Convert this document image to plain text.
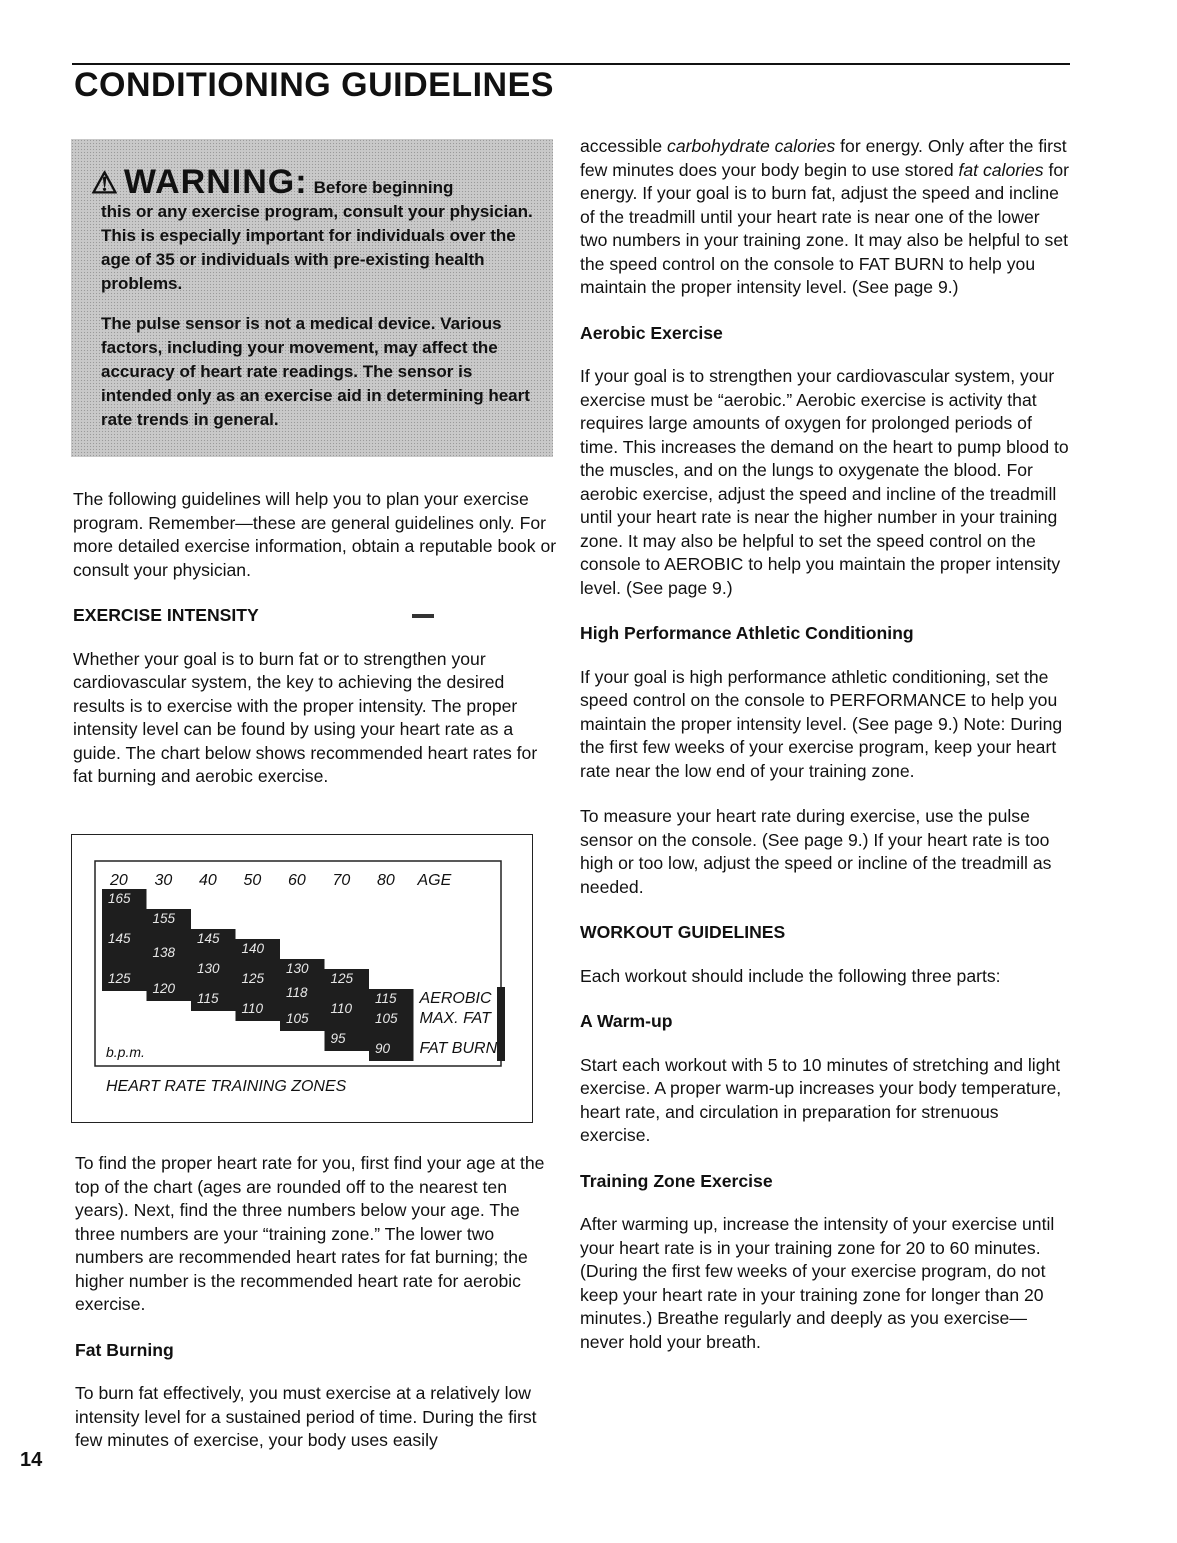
CONDITIONING GUIDELINES
⚠ WARNING: Before beginning

this or any exercise program, consult your physician. This is especially important for individuals over the age of 35 or individuals with pre-existing health problems.

The pulse sensor is not a medical device. Various factors, including your movement, may affect the accuracy of heart rate readings. The sensor is intended only as an exercise aid in determining heart rate trends in general.

The following guidelines will help you to plan your exercise program. Remember—these are general guidelines only. For more detailed exercise information, obtain a reputable book or consult your physician.

EXERCISE INTENSITY

Whether your goal is to burn fat or to strengthen your cardiovascular system, the key to achieving the desired results is to exercise with the proper intensity. The proper intensity level can be found by using your heart rate as a guide. The chart below shows recommended heart rates for fat burning and aerobic exercise.

20 30 40 50 60 70 80 AGE
165
155
145
140
130
125
115
145
138
130
125
118
110
105
125
120
115
110
105
95
90
AEROBIC
MAX. FAT
FAT BURN
b.p.m.
HEART RATE TRAINING ZONES

To find the proper heart rate for you, first find your age at the top of the chart (ages are rounded off to the nearest ten years). Next, find the three numbers below your age. The three numbers are your “training zone.” The lower two numbers are recommended heart rates for fat burning; the higher number is the recommended heart rate for aerobic exercise.

Fat Burning

To burn fat effectively, you must exercise at a relatively low intensity level for a sustained period of time. During the first few minutes of exercise, your body uses easily

14

accessible carbohydrate calories for energy. Only after the first few minutes does your body begin to use stored fat calories for energy. If your goal is to burn fat, adjust the speed and incline of the treadmill until your heart rate is near one of the lower two numbers in your training zone. It may also be helpful to set the speed control on the console to FAT BURN to help you maintain the proper intensity level. (See page 9.)

Aerobic Exercise

If your goal is to strengthen your cardiovascular system, your exercise must be “aerobic.” Aerobic exercise is activity that requires large amounts of oxygen for prolonged periods of time. This increases the demand on the heart to pump blood to the muscles, and on the lungs to oxygenate the blood. For aerobic exercise, adjust the speed and incline of the treadmill until your heart rate is near the higher number in your training zone. It may also be helpful to set the speed control on the console to AEROBIC to help you maintain the proper intensity level. (See page 9.)

High Performance Athletic Conditioning

If your goal is high performance athletic conditioning, set the speed control on the console to PERFORMANCE to help you maintain the proper intensity level. (See page 9.) Note: During the first few weeks of your exercise program, keep your heart rate near the low end of your training zone.

To measure your heart rate during exercise, use the pulse sensor on the console. (See page 9.) If your heart rate is too high or too low, adjust the speed or incline of the treadmill as needed.

WORKOUT GUIDELINES

Each workout should include the following three parts:

A Warm-up

Start each workout with 5 to 10 minutes of stretching and light exercise. A proper warm-up increases your body temperature, heart rate, and circulation in preparation for strenuous exercise.

Training Zone Exercise

After warming up, increase the intensity of your exercise until your heart rate is in your training zone for 20 to 60 minutes. (During the first few weeks of your exercise program, do not keep your heart rate in your training zone for longer than 20 minutes.) Breathe regularly and deeply as you exercise—never hold your breath.
